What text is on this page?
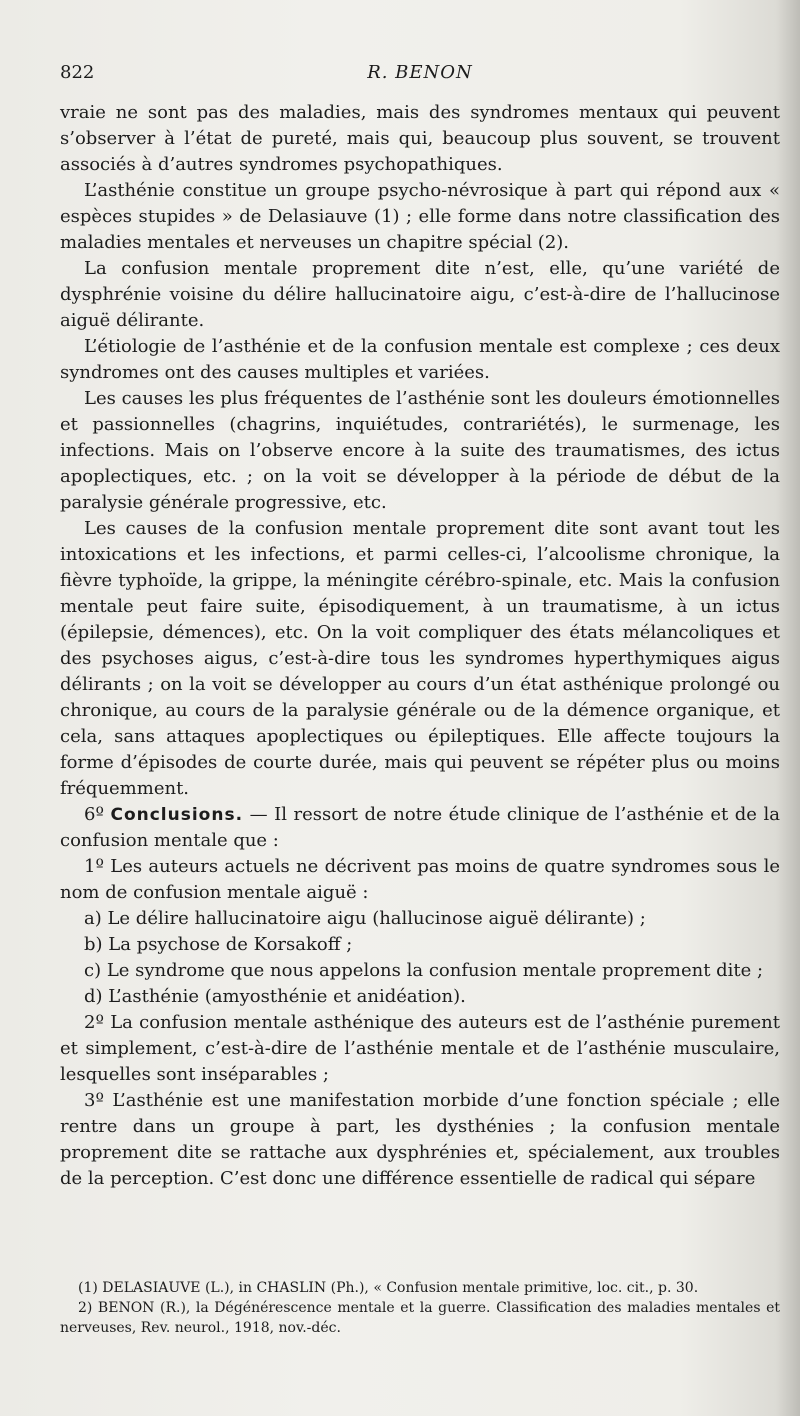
822	R. BENON

vraie ne sont pas des maladies, mais des syndromes mentaux qui peuvent s’observer à l’état de pureté, mais qui, beaucoup plus souvent, se trouvent associés à d’autres syndromes psychopathiques.

L’asthénie constitue un groupe psycho-névrosique à part qui répond aux « espèces stupides » de Delasiauve (1) ; elle forme dans notre classification des maladies mentales et nerveuses un chapitre spécial (2).

La confusion mentale proprement dite n’est, elle, qu’une variété de dysphrénie voisine du délire hallucinatoire aigu, c’est-à-dire de l’hallucinose aiguë délirante.

L’étiologie de l’asthénie et de la confusion mentale est complexe ; ces deux syndromes ont des causes multiples et variées.

Les causes les plus fréquentes de l’asthénie sont les douleurs émotionnelles et passionnelles (chagrins, inquiétudes, contrariétés), le surmenage, les infections. Mais on l’observe encore à la suite des traumatismes, des ictus apoplectiques, etc. ; on la voit se développer à la période de début de la paralysie générale progressive, etc.

Les causes de la confusion mentale proprement dite sont avant tout les intoxications et les infections, et parmi celles-ci, l’alcoolisme chronique, la fièvre typhoïde, la grippe, la méningite cérébro-spinale, etc. Mais la confusion mentale peut faire suite, épisodiquement, à un traumatisme, à un ictus (épilepsie, démences), etc. On la voit compliquer des états mélancoliques et des psychoses aigus, c’est-à-dire tous les syndromes hyperthymiques aigus délirants ; on la voit se développer au cours d’un état asthénique prolongé ou chronique, au cours de la paralysie générale ou de la démence organique, et cela, sans attaques apoplectiques ou épileptiques. Elle affecte toujours la forme d’épisodes de courte durée, mais qui peuvent se répéter plus ou moins fréquemment.

6º Conclusions. — Il ressort de notre étude clinique de l’asthénie et de la confusion mentale que :

1º Les auteurs actuels ne décrivent pas moins de quatre syndromes sous le nom de confusion mentale aiguë :

a) Le délire hallucinatoire aigu (hallucinose aiguë délirante) ;

b) La psychose de Korsakoff ;

c) Le syndrome que nous appelons la confusion mentale proprement dite ;

d) L’asthénie (amyosthénie et anidéation).

2º La confusion mentale asthénique des auteurs est de l’asthénie purement et simplement, c’est-à-dire de l’asthénie mentale et de l’asthénie musculaire, lesquelles sont inséparables ;

3º L’asthénie est une manifestation morbide d’une fonction spéciale ; elle rentre dans un groupe à part, les dysthénies ; la confusion mentale proprement dite se rattache aux dysphrénies et, spécialement, aux troubles de la perception. C’est donc une différence essentielle de radical qui sépare

(1) DELASIAUVE (L.), in CHASLIN (Ph.), « Confusion mentale primitive, loc. cit., p. 30.

2) BENON (R.), la Dégénérescence mentale et la guerre. Classification des maladies mentales et nerveuses, Rev. neurol., 1918, nov.-déc.
